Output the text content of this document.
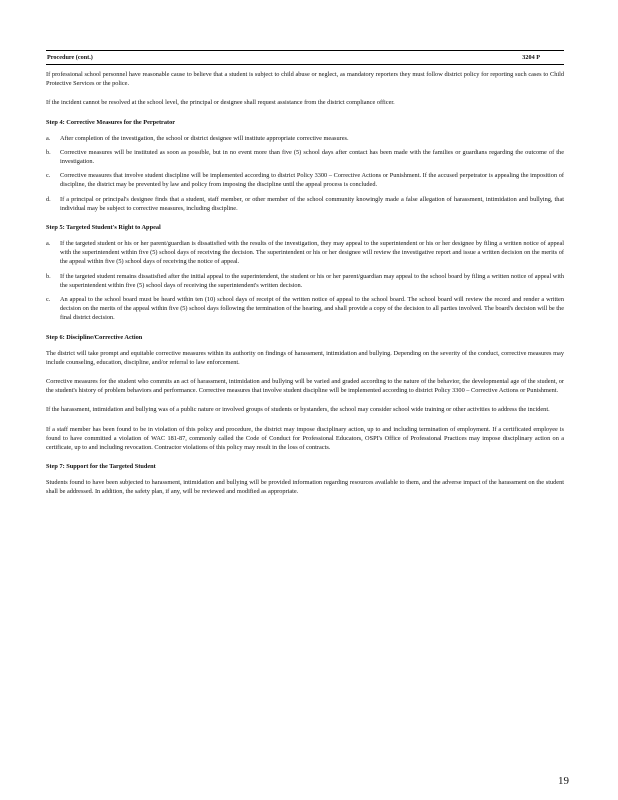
Procedure (cont.)	3204 P

If professional school personnel have reasonable cause to believe that a student is subject to child abuse or neglect, as mandatory reporters they must follow district policy for reporting such cases to Child Protective Services or the police.

If the incident cannot be resolved at the school level, the principal or designee shall request assistance from the district compliance officer.

Step 4: Corrective Measures for the Perpetrator
a.	After completion of the investigation, the school or district designee will institute appropriate corrective measures.
b.	Corrective measures will be instituted as soon as possible, but in no event more than five (5) school days after contact has been made with the families or guardians regarding the outcome of the investigation.
c.	Corrective measures that involve student discipline will be implemented according to district Policy 3300 – Corrective Actions or Punishment. If the accused perpetrator is appealing the imposition of discipline, the district may be prevented by law and policy from imposing the discipline until the appeal process is concluded.
d.	If a principal or principal's designee finds that a student, staff member, or other member of the school community knowingly made a false allegation of harassment, intimidation and bullying, that individual may be subject to corrective measures, including discipline.
Step 5: Targeted Student's Right to Appeal
a.	If the targeted student or his or her parent/guardian is dissatisfied with the results of the investigation, they may appeal to the superintendent or his or her designee by filing a written notice of appeal with the superintendent within five (5) school days of receiving the decision. The superintendent or his or her designee will review the investigative report and issue a written decision on the merits of the appeal within five (5) school days of receiving the notice of appeal.
b.	If the targeted student remains dissatisfied after the initial appeal to the superintendent, the student or his or her parent/guardian may appeal to the school board by filing a written notice of appeal with the superintendent within five (5) school days of receiving the superintendent's written decision.
c.	An appeal to the school board must be heard within ten (10) school days of receipt of the written notice of appeal to the school board. The school board will review the record and render a written decision on the merits of the appeal within five (5) school days following the termination of the hearing, and shall provide a copy of the decision to all parties involved. The board's decision will be the final district decision.
Step 6: Discipline/Corrective Action

The district will take prompt and equitable corrective measures within its authority on findings of harassment, intimidation and bullying. Depending on the severity of the conduct, corrective measures may include counseling, education, discipline, and/or referral to law enforcement.

Corrective measures for the student who commits an act of harassment, intimidation and bullying will be varied and graded according to the nature of the behavior, the developmental age of the student, or the student's history of problem behaviors and performance. Corrective measures that involve student discipline will be implemented according to district Policy 3300 – Corrective Actions or Punishment.

If the harassment, intimidation and bullying was of a public nature or involved groups of students or bystanders, the school may consider school wide training or other activities to address the incident.

If a staff member has been found to be in violation of this policy and procedure, the district may impose disciplinary action, up to and including termination of employment. If a certificated employee is found to have committed a violation of WAC 181-87, commonly called the Code of Conduct for Professional Educators, OSPI's Office of Professional Practices may impose disciplinary action on a certificate, up to and including revocation. Contractor violations of this policy may result in the loss of contracts.

Step 7: Support for the Targeted Student

Students found to have been subjected to harassment, intimidation and bullying will be provided information regarding resources available to them, and the adverse impact of the harassment on the student shall be addressed. In addition, the safety plan, if any, will be reviewed and modified as appropriate.

19
